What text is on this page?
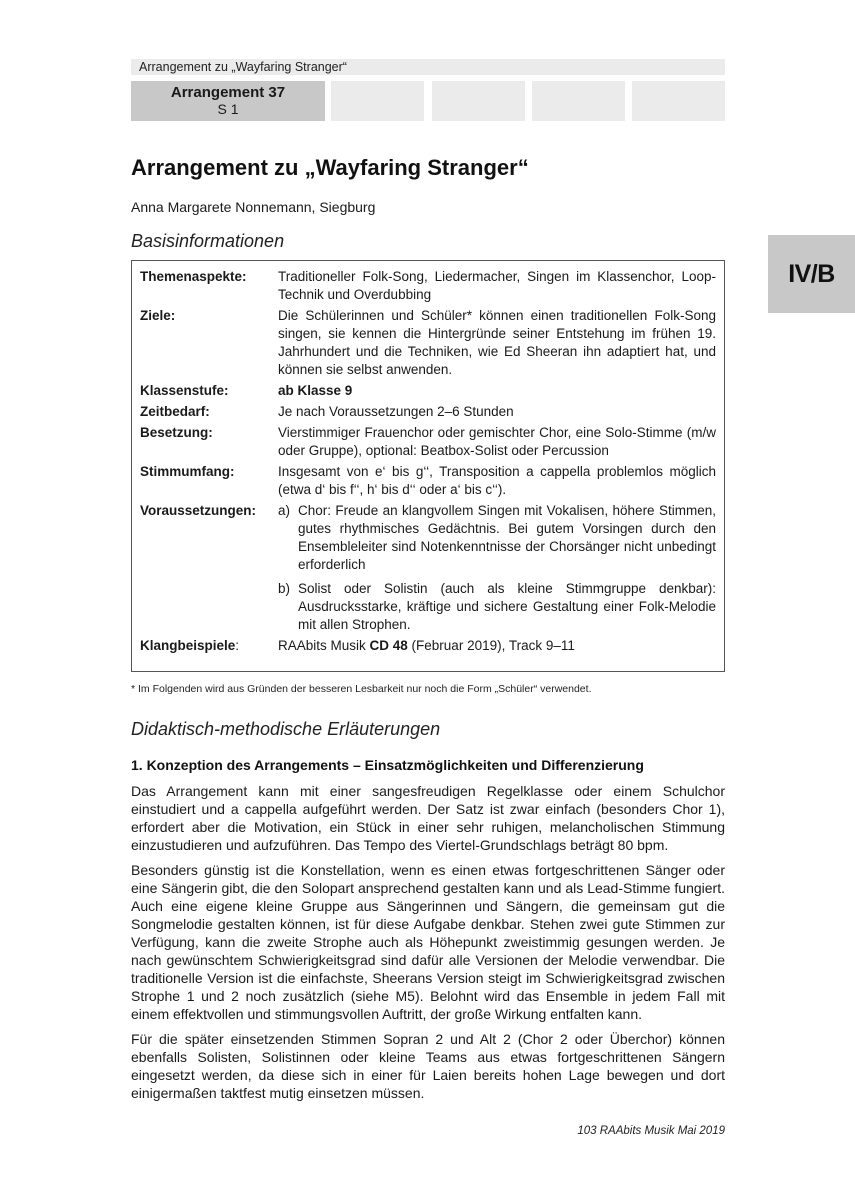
Arrangement zu „Wayfaring Stranger“
Arrangement 37
S 1
IV/B
Arrangement zu „Wayfaring Stranger“
Anna Margarete Nonnemann, Siegburg
Basisinformationen
Themenaspekte:	Traditioneller Folk-Song, Liedermacher, Singen im Klassenchor, Loop-Technik und Overdubbing
Ziele:	Die Schülerinnen und Schüler* können einen traditionellen Folk-Song singen, sie kennen die Hintergründe seiner Entstehung im frühen 19. Jahrhundert und die Techniken, wie Ed Sheeran ihn adaptiert hat, und können sie selbst anwenden.
Klassenstufe:	ab Klasse 9
Zeitbedarf:	Je nach Voraussetzungen 2–6 Stunden
Besetzung:	Vierstimmiger Frauenchor oder gemischter Chor, eine Solo-Stimme (m/w oder Gruppe), optional: Beatbox-Solist oder Percussion
Stimmumfang:	Insgesamt von e‘ bis g‘‘, Transposition a cappella problemlos möglich (etwa d‘ bis f‘‘, h‘ bis d‘‘ oder a‘ bis c‘‘).
Voraussetzungen:	a) Chor: Freude an klangvollem Singen mit Vokalisen, höhere Stimmen, gutes rhythmisches Gedächtnis. Bei gutem Vorsingen durch den Ensembleleiter sind Notenkenntnisse der Chorsänger nicht unbedingt erforderlich
b) Solist oder Solistin (auch als kleine Stimmgruppe denkbar): Ausdrucksstarke, kräftige und sichere Gestaltung einer Folk-Melodie mit allen Strophen.
Klangbeispiele:	RAAbits Musik CD 48 (Februar 2019), Track 9–11
* Im Folgenden wird aus Gründen der besseren Lesbarkeit nur noch die Form „Schüler“ verwendet.
Didaktisch-methodische Erläuterungen
1. Konzeption des Arrangements – Einsatzmöglichkeiten und Differenzierung

Das Arrangement kann mit einer sangesfreudigen Regelklasse oder einem Schulchor einstudiert und a cappella aufgeführt werden. Der Satz ist zwar einfach (besonders Chor 1), erfordert aber die Motivation, ein Stück in einer sehr ruhigen, melancholischen Stimmung einzustudieren und aufzuführen. Das Tempo des Viertel-Grundschlags beträgt 80 bpm.

Besonders günstig ist die Konstellation, wenn es einen etwas fortgeschrittenen Sänger oder eine Sängerin gibt, die den Solopart ansprechend gestalten kann und als Lead-Stimme fungiert. Auch eine eigene kleine Gruppe aus Sängerinnen und Sängern, die gemeinsam gut die Songmelodie gestalten können, ist für diese Aufgabe denkbar. Stehen zwei gute Stimmen zur Verfügung, kann die zweite Strophe auch als Höhepunkt zweistimmig gesungen werden. Je nach gewünschtem Schwierigkeitsgrad sind dafür alle Versionen der Melodie verwendbar. Die traditionelle Version ist die einfachste, Sheerans Version steigt im Schwierigkeitsgrad zwischen Strophe 1 und 2 noch zusätzlich (siehe M5). Belohnt wird das Ensemble in jedem Fall mit einem effektvollen und stimmungsvollen Auftritt, der große Wirkung entfalten kann.

Für die später einsetzenden Stimmen Sopran 2 und Alt 2 (Chor 2 oder Überchor) können ebenfalls Solisten, Solistinnen oder kleine Teams aus etwas fortgeschrittenen Sängern eingesetzt werden, da diese sich in einer für Laien bereits hohen Lage bewegen und dort einigermaßen taktfest mutig einsetzen müssen.

103 RAAbits Musik Mai 2019
